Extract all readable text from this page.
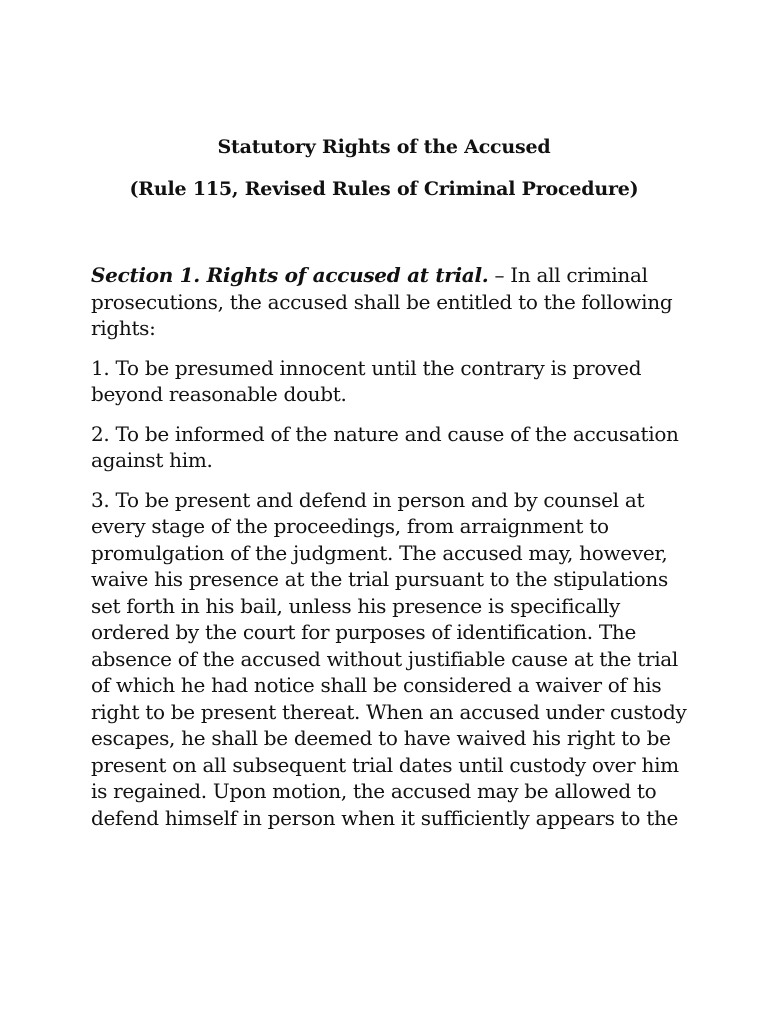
Statutory Rights of the Accused
(Rule 115, Revised Rules of Criminal Procedure)

Section 1. Rights of accused at trial. – In all criminal prosecutions, the accused shall be entitled to the following rights:

1. To be presumed innocent until the contrary is proved beyond reasonable doubt.

2. To be informed of the nature and cause of the accusation against him.

3. To be present and defend in person and by counsel at every stage of the proceedings, from arraignment to promulgation of the judgment. The accused may, however, waive his presence at the trial pursuant to the stipulations set forth in his bail, unless his presence is specifically ordered by the court for purposes of identification. The absence of the accused without justifiable cause at the trial of which he had notice shall be considered a waiver of his right to be present thereat. When an accused under custody escapes, he shall be deemed to have waived his right to be present on all subsequent trial dates until custody over him is regained. Upon motion, the accused may be allowed to defend himself in person when it sufficiently appears to the
